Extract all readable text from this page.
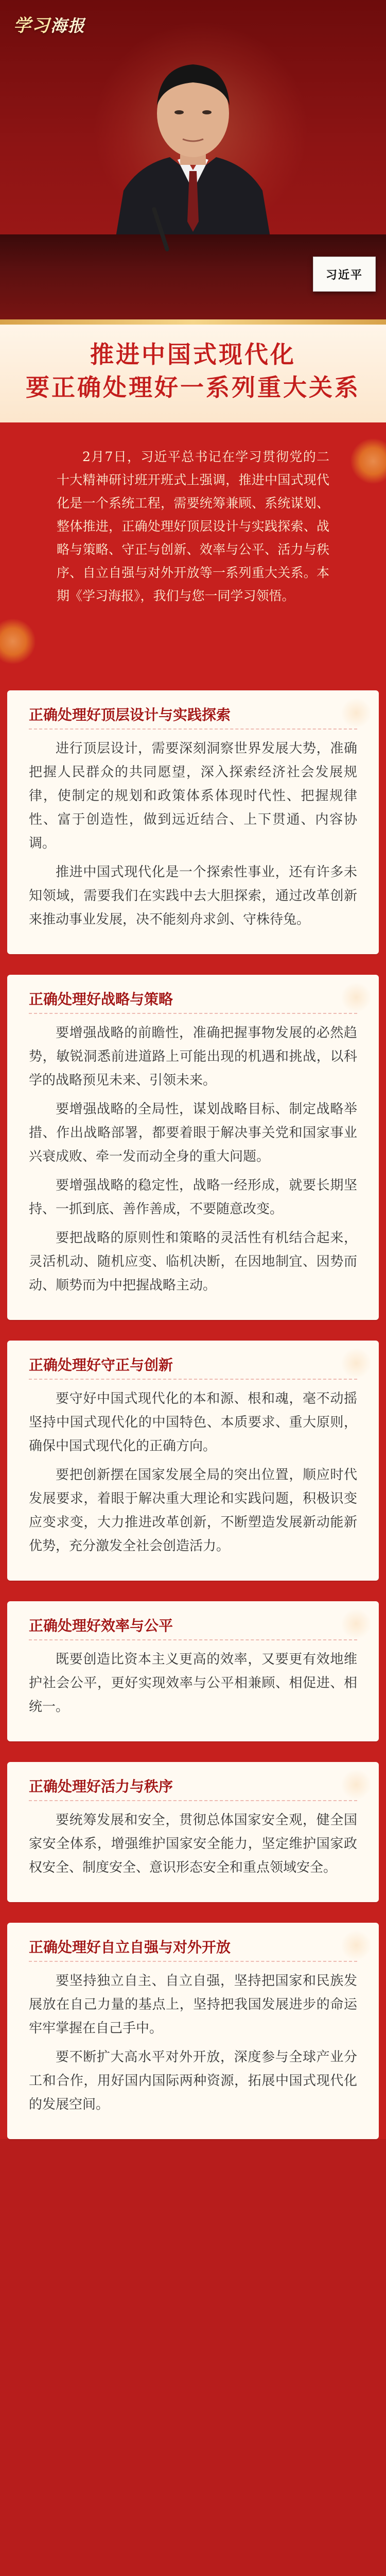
学习海报
习近平
推进中国式现代化
要正确处理好一系列重大关系
2月7日，习近平总书记在学习贯彻党的二十大精神研讨班开班式上强调，推进中国式现代化是一个系统工程，需要统筹兼顾、系统谋划、整体推进，正确处理好顶层设计与实践探索、战略与策略、守正与创新、效率与公平、活力与秩序、自立自强与对外开放等一系列重大关系。本期《学习海报》，我们与您一同学习领悟。
正确处理好顶层设计与实践探索

进行顶层设计，需要深刻洞察世界发展大势，准确把握人民群众的共同愿望，深入探索经济社会发展规律，使制定的规划和政策体系体现时代性、把握规律性、富于创造性，做到远近结合、上下贯通、内容协调。

推进中国式现代化是一个探索性事业，还有许多未知领域，需要我们在实践中去大胆探索，通过改革创新来推动事业发展，决不能刻舟求剑、守株待兔。

正确处理好战略与策略

要增强战略的前瞻性，准确把握事物发展的必然趋势，敏锐洞悉前进道路上可能出现的机遇和挑战，以科学的战略预见未来、引领未来。

要增强战略的全局性，谋划战略目标、制定战略举措、作出战略部署，都要着眼于解决事关党和国家事业兴衰成败、牵一发而动全身的重大问题。

要增强战略的稳定性，战略一经形成，就要长期坚持、一抓到底、善作善成，不要随意改变。

要把战略的原则性和策略的灵活性有机结合起来，灵活机动、随机应变、临机决断，在因地制宜、因势而动、顺势而为中把握战略主动。

正确处理好守正与创新

要守好中国式现代化的本和源、根和魂，毫不动摇坚持中国式现代化的中国特色、本质要求、重大原则，确保中国式现代化的正确方向。

要把创新摆在国家发展全局的突出位置，顺应时代发展要求，着眼于解决重大理论和实践问题，积极识变应变求变，大力推进改革创新，不断塑造发展新动能新优势，充分激发全社会创造活力。

正确处理好效率与公平

既要创造比资本主义更高的效率，又要更有效地维护社会公平，更好实现效率与公平相兼顾、相促进、相统一。

正确处理好活力与秩序

要统筹发展和安全，贯彻总体国家安全观，健全国家安全体系，增强维护国家安全能力，坚定维护国家政权安全、制度安全、意识形态安全和重点领域安全。

正确处理好自立自强与对外开放

要坚持独立自主、自立自强，坚持把国家和民族发展放在自己力量的基点上，坚持把我国发展进步的命运牢牢掌握在自己手中。

要不断扩大高水平对外开放，深度参与全球产业分工和合作，用好国内国际两种资源，拓展中国式现代化的发展空间。
